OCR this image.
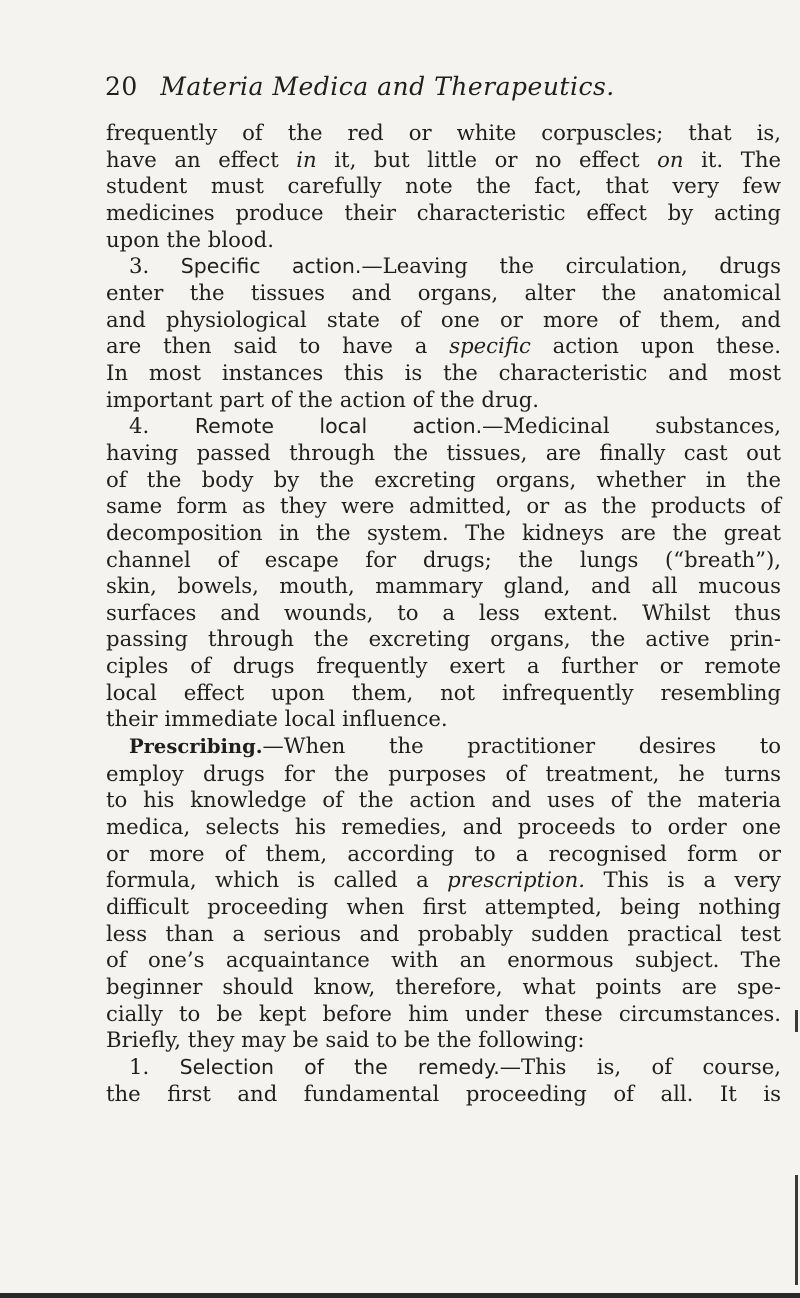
20 Materia Medica and Therapeutics.
frequently of the red or white corpuscles; that is,
have an effect in it, but little or no effect on it. The
student must carefully note the fact, that very few
medicines produce their characteristic effect by acting
upon the blood.
3. Specific action.—Leaving the circulation, drugs
enter the tissues and organs, alter the anatomical
and physiological state of one or more of them, and
are then said to have a specific action upon these.
In most instances this is the characteristic and most
important part of the action of the drug.
4. Remote local action.—Medicinal substances,
having passed through the tissues, are finally cast out
of the body by the excreting organs, whether in the
same form as they were admitted, or as the products of
decomposition in the system. The kidneys are the great
channel of escape for drugs; the lungs (“breath”),
skin, bowels, mouth, mammary gland, and all mucous
surfaces and wounds, to a less extent. Whilst thus
passing through the excreting organs, the active prin-
ciples of drugs frequently exert a further or remote
local effect upon them, not infrequently resembling
their immediate local influence.
Prescribing.—When the practitioner desires to
employ drugs for the purposes of treatment, he turns
to his knowledge of the action and uses of the materia
medica, selects his remedies, and proceeds to order one
or more of them, according to a recognised form or
formula, which is called a prescription. This is a very
difficult proceeding when first attempted, being nothing
less than a serious and probably sudden practical test
of one’s acquaintance with an enormous subject. The
beginner should know, therefore, what points are spe-
cially to be kept before him under these circumstances.
Briefly, they may be said to be the following:
1. Selection of the remedy.—This is, of course,
the first and fundamental proceeding of all. It is
